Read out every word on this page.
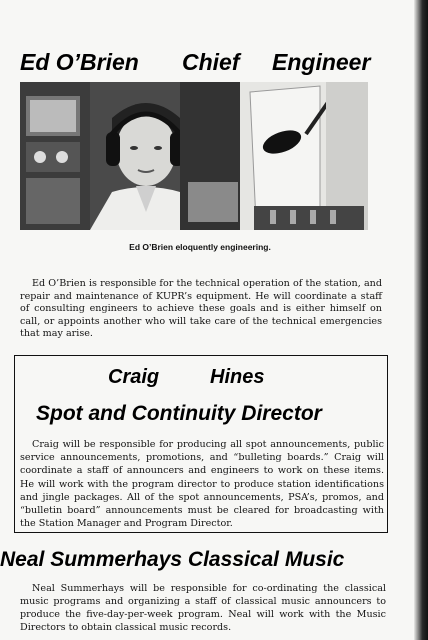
Ed O’Brien Chief Engineer

Ed O’Brien eloquently engineering.

Ed O’Brien is responsible for the technical operation of the station, and repair and maintenance of KUPR’s equipment. He will coordinate a staff of consulting engineers to achieve these goals and is either himself on call, or appoints another who will take care of the technical emergencies that may arise.

Craig	Hines
Spot and Continuity Director

Craig will be responsible for producing all spot announcements, public service announcements, promotions, and “bulleting boards.” Craig will coordinate a staff of announcers and engineers to work on these items. He will work with the program director to produce station identifications and jingle packages. All of the spot announcements, PSA’s, promos, and “bulletin board” announcements must be cleared for broadcasting with the Station Manager and Program Director.

Neal Summerhays Classical Music

Neal Summerhays will be responsible for co-ordinating the classical music programs and organizing a staff of classical music announcers to produce the five-day-per-week program. Neal will work with the Music Directors to obtain classical music records.
